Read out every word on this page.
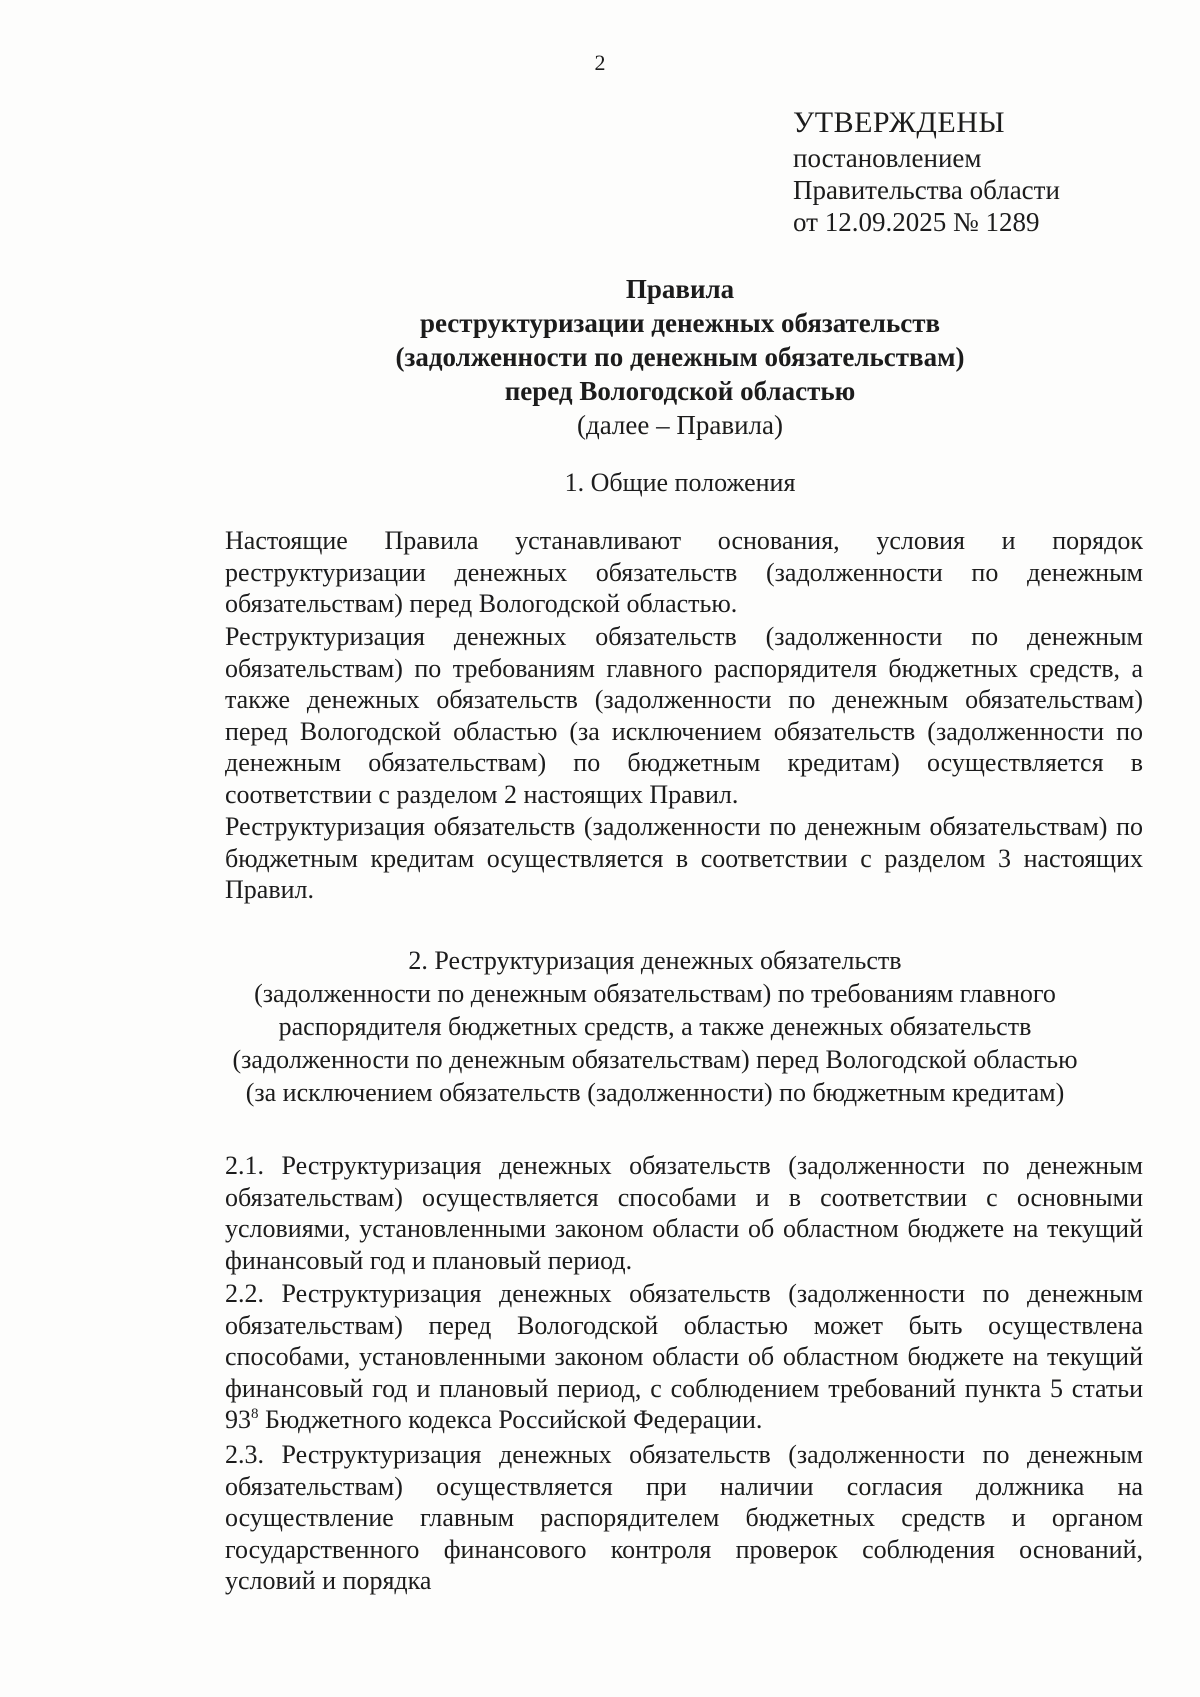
2
УТВЕРЖДЕНЫ
постановлением
Правительства области
от 12.09.2025 № 1289
Правила
реструктуризации денежных обязательств
(задолженности по денежным обязательствам)
перед Вологодской областью
(далее – Правила)
1. Общие положения
Настоящие Правила устанавливают основания, условия и порядок реструктуризации денежных обязательств (задолженности по денежным обязательствам) перед Вологодской областью.
Реструктуризация денежных обязательств (задолженности по денежным обязательствам) по требованиям главного распорядителя бюджетных средств, а также денежных обязательств (задолженности по денежным обязательствам) перед Вологодской областью (за исключением обязательств (задолженности по денежным обязательствам) по бюджетным кредитам) осуществляется в соответствии с разделом 2 настоящих Правил.
Реструктуризация обязательств (задолженности по денежным обязательствам) по бюджетным кредитам осуществляется в соответствии с разделом 3 настоящих Правил.
2. Реструктуризация денежных обязательств
(задолженности по денежным обязательствам) по требованиям главного
распорядителя бюджетных средств, а также денежных обязательств
(задолженности по денежным обязательствам) перед Вологодской областью
(за исключением обязательств (задолженности) по бюджетным кредитам)
2.1. Реструктуризация денежных обязательств (задолженности по денежным обязательствам) осуществляется способами и в соответствии с основными условиями, установленными законом области об областном бюджете на текущий финансовый год и плановый период.
2.2. Реструктуризация денежных обязательств (задолженности по денежным обязательствам) перед Вологодской областью может быть осуществлена способами, установленными законом области об областном бюджете на текущий финансовый год и плановый период, с соблюдением требований пункта 5 статьи $93^8$ Бюджетного кодекса Российской Федерации.
2.3. Реструктуризация денежных обязательств (задолженности по денежным обязательствам) осуществляется при наличии согласия должника на осуществление главным распорядителем бюджетных средств и органом государственного финансового контроля проверок соблюдения оснований, условий и порядка
